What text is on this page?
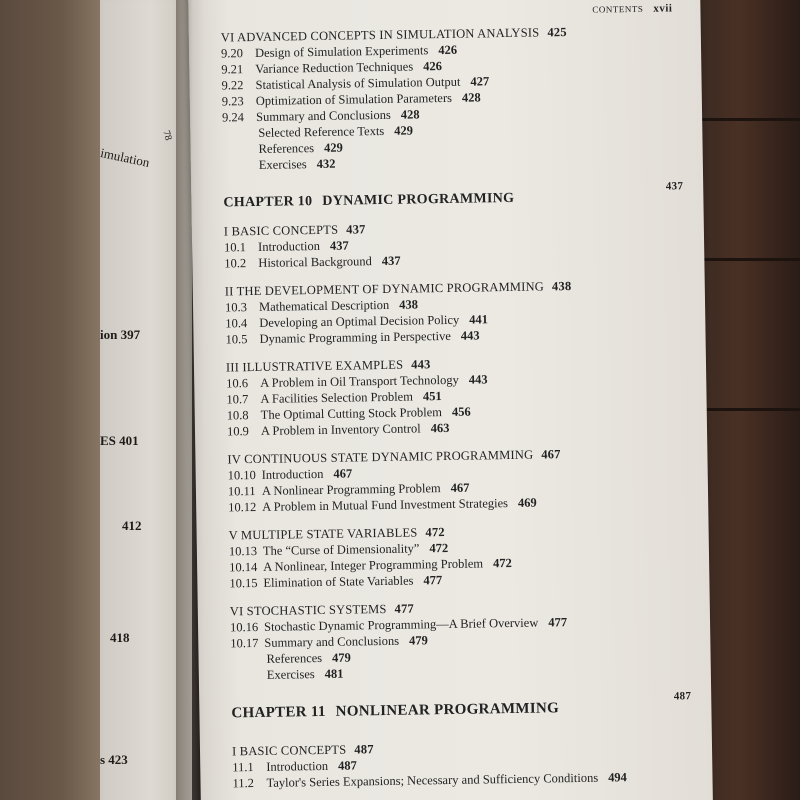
imulation
78
ion 397
ES 401
412
418
s 423
CONTENTS xvii
VI ADVANCED CONCEPTS IN SIMULATION ANALYSIS 425
9.20 Design of Simulation Experiments 426
9.21 Variance Reduction Techniques 426
9.22 Statistical Analysis of Simulation Output 427
9.23 Optimization of Simulation Parameters 428
9.24 Summary and Conclusions 428
Selected Reference Texts 429
References 429
Exercises 432
CHAPTER 10 DYNAMIC PROGRAMMING
437
I BASIC CONCEPTS 437
10.1 Introduction 437
10.2 Historical Background 437
II THE DEVELOPMENT OF DYNAMIC PROGRAMMING 438
10.3 Mathematical Description 438
10.4 Developing an Optimal Decision Policy 441
10.5 Dynamic Programming in Perspective 443
III ILLUSTRATIVE EXAMPLES 443
10.6 A Problem in Oil Transport Technology 443
10.7 A Facilities Selection Problem 451
10.8 The Optimal Cutting Stock Problem 456
10.9 A Problem in Inventory Control 463
IV CONTINUOUS STATE DYNAMIC PROGRAMMING 467
10.10 Introduction 467
10.11 A Nonlinear Programming Problem 467
10.12 A Problem in Mutual Fund Investment Strategies 469
V MULTIPLE STATE VARIABLES 472
10.13 The “Curse of Dimensionality” 472
10.14 A Nonlinear, Integer Programming Problem 472
10.15 Elimination of State Variables 477
VI STOCHASTIC SYSTEMS 477
10.16 Stochastic Dynamic Programming—A Brief Overview 477
10.17 Summary and Conclusions 479
References 479
Exercises 481
CHAPTER 11 NONLINEAR PROGRAMMING
487
I BASIC CONCEPTS 487
11.1 Introduction 487
11.2 Taylor's Series Expansions; Necessary and Sufficiency Conditions 494
